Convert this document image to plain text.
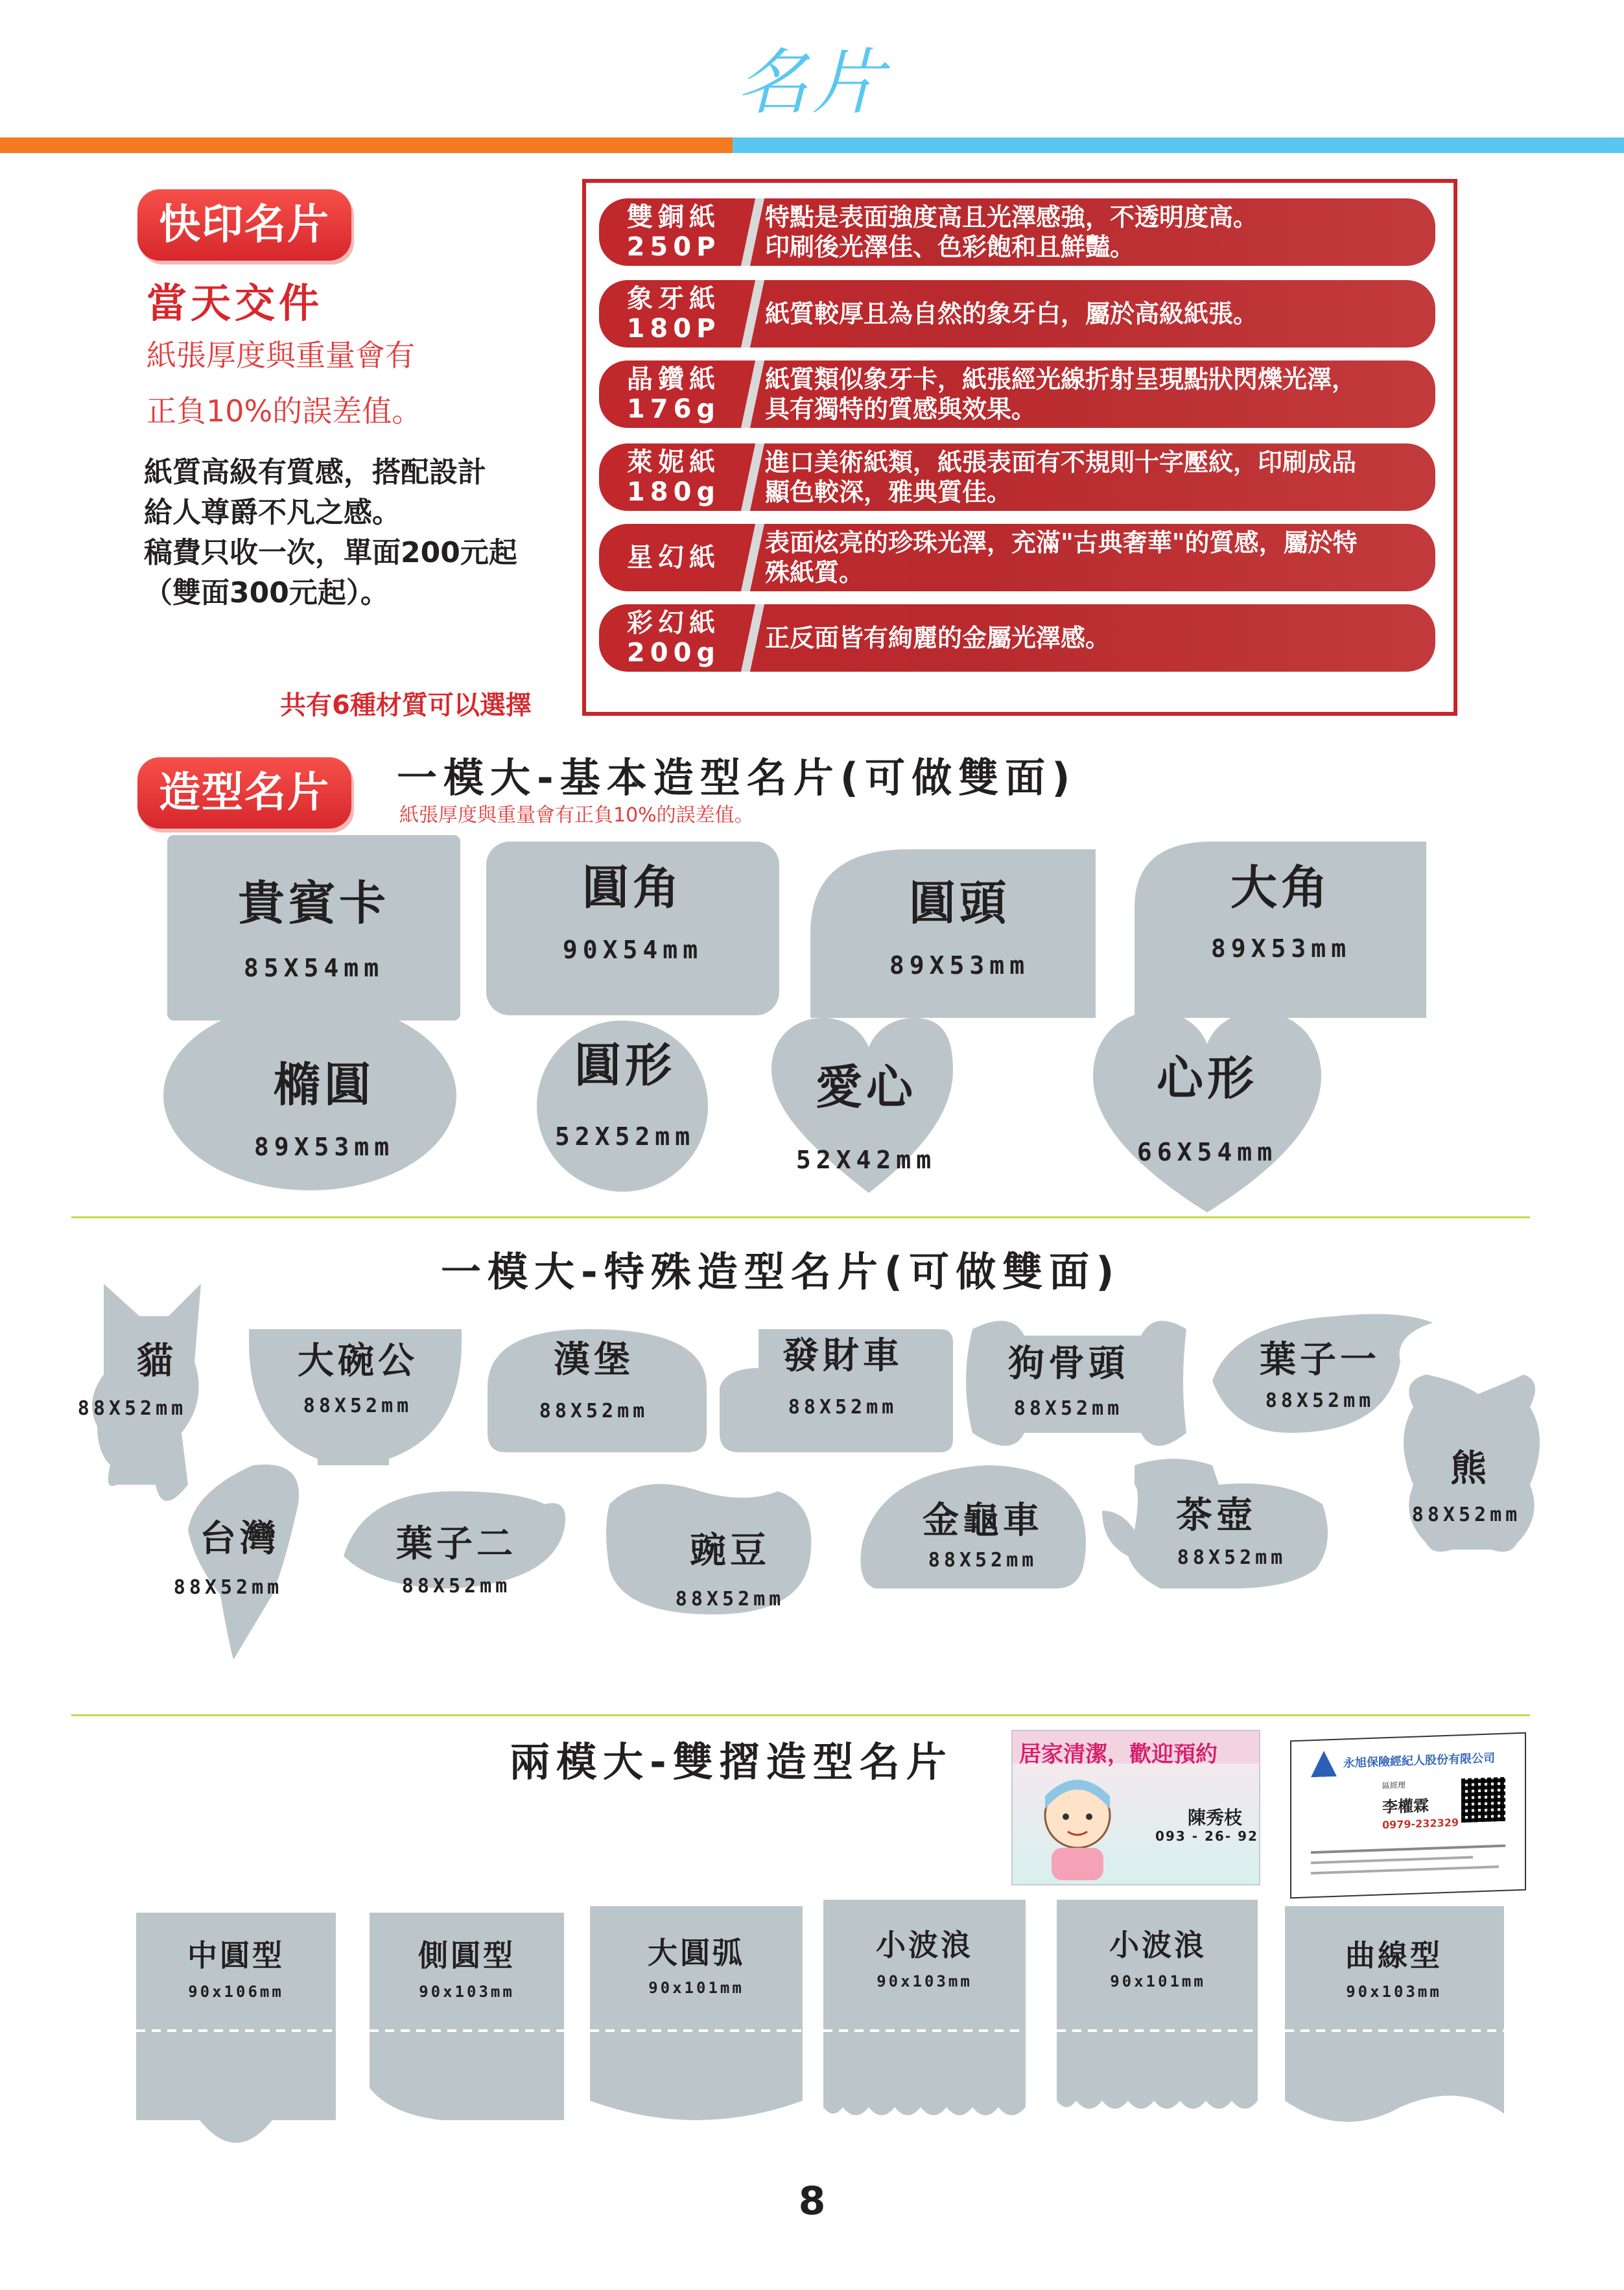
名片
快印名片
當天交件
紙張厚度與重量會有
正負10%的誤差值。
紙質高級有質感，搭配設計
給人尊爵不凡之感。
稿費只收一次，單面200元起
（雙面300元起）。
雙銅紙
250P
特點是表面強度高且光澤感強，不透明度高。
印刷後光澤佳、色彩飽和且鮮豔。
象牙紙
180P 紙質較厚且為自然的象牙白，屬於高級紙張。
晶鑽紙
176g
紙質類似象牙卡，紙張經光線折射呈現點狀閃爍光澤，
具有獨特的質感與效果。
萊妮紙
180g
進口美術紙類，紙張表面有不規則十字壓紋，印刷成品
顯色較深，雅典質佳。
星幻紙 表面炫亮的珍珠光澤，充滿"古典奢華"的質感，屬於特
殊紙質。
彩幻紙
200g 正反面皆有絢麗的金屬光澤感。
共有6種材質可以選擇
造型名片	一模大-基本造型名片(可做雙面)
紙張厚度與重量會有正負10%的誤差值。
貴賓卡
85X54mm
圓角
90X54mm
圓頭
89X53mm
大角
89X53mm
橢圓
89X53mm
圓形
52X52mm
愛心
52X42mm
心形
66X54mm
一模大-特殊造型名片(可做雙面)
貓
88X52mm
大碗公
88X52mm
漢堡
88X52mm
發財車
88X52mm
狗骨頭
88X52mm
葉子一
88X52mm
熊
88X52mm
台灣
88X52mm
葉子二
88X52mm
豌豆
88X52mm
金龜車
88X52mm
茶壺
88X52mm
兩模大-雙摺造型名片	居家清潔，歡迎預約
陳秀枝
093 - 26- 92
永旭保險經紀人股份有限公司
區經理
李權霖
0979-232329
中圓型
90x106mm
側圓型
90x103mm
大圓弧
90x101mm
小波浪
90x103mm
小波浪
90x101mm
曲線型
90x103mm
8
